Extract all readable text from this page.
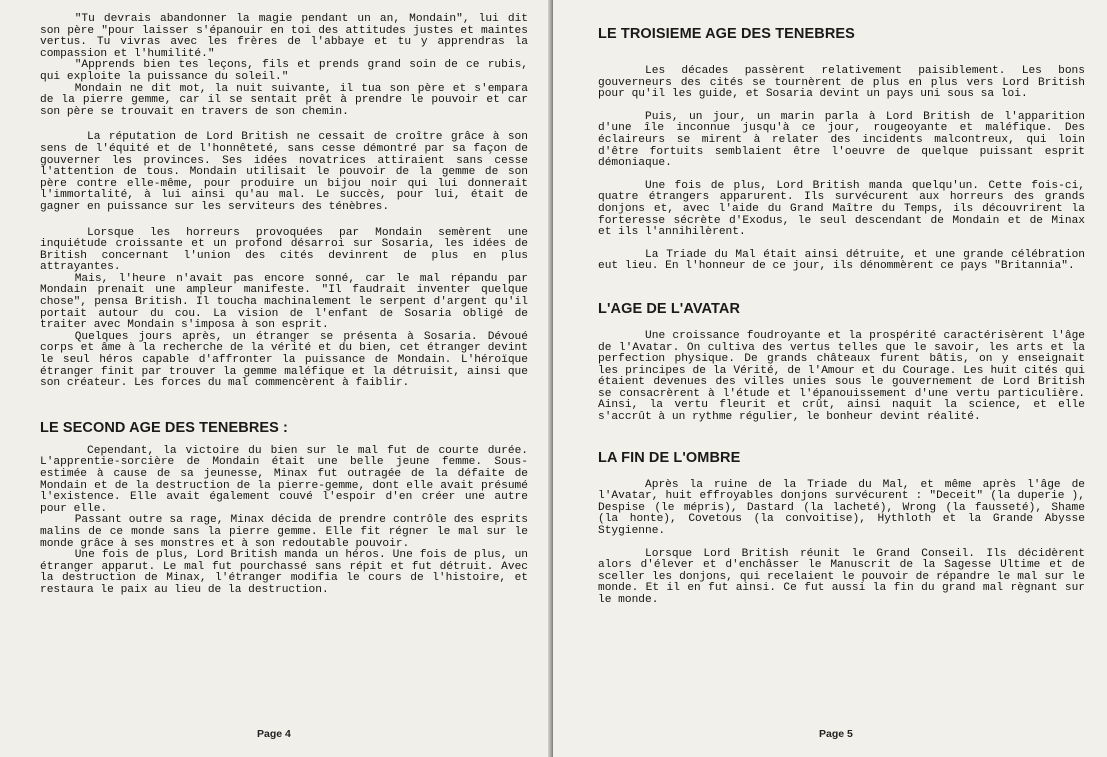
"Tu devrais abandonner la magie pendant un an, Mondain", lui dit son père "pour laisser s'épanouir en toi des attitudes justes et maintes vertus. Tu vivras avec les frères de l'abbaye et tu y apprendras la compassion et l'humilité."

"Apprends bien tes leçons, fils et prends grand soin de ce rubis, qui exploite la puissance du soleil."

Mondain ne dit mot, la nuit suivante, il tua son père et s'empara de la pierre gemme, car il se sentait prêt à prendre le pouvoir et car son père se trouvait en travers de son chemin.

La réputation de Lord British ne cessait de croître grâce à son sens de l'équité et de l'honnêteté, sans cesse démontré par sa façon de gouverner les provinces. Ses idées novatrices attiraient sans cesse l'attention de tous. Mondain utilisait le pouvoir de la gemme de son père contre elle-même, pour produire un bijou noir qui lui donnerait l'immortalité, à lui ainsi qu'au mal. Le succès, pour lui, était de gagner en puissance sur les serviteurs des ténèbres.

Lorsque les horreurs provoquées par Mondain semèrent une inquiétude croissante et un profond désarroi sur Sosaria, les idées de British concernant l'union des cités devinrent de plus en plus attrayantes.

Mais, l'heure n'avait pas encore sonné, car le mal répandu par Mondain prenait une ampleur manifeste. "Il faudrait inventer quelque chose", pensa British. Il toucha machinalement le serpent d'argent qu'il portait autour du cou. La vision de l'enfant de Sosaria obligé de traiter avec Mondain s'imposa à son esprit.

Quelques jours après, un étranger se présenta à Sosaria. Dévoué corps et âme à la recherche de la vérité et du bien, cet étranger devint le seul héros capable d'affronter la puissance de Mondain. L'héroïque étranger finit par trouver la gemme maléfique et la détruisit, ainsi que son créateur. Les forces du mal commencèrent à faiblir.

LE SECOND AGE DES TENEBRES :

Cependant, la victoire du bien sur le mal fut de courte durée. L'apprentie-sorcière de Mondain était une belle jeune femme. Sous-estimée à cause de sa jeunesse, Minax fut outragée de la défaite de Mondain et de la destruction de la pierre-gemme, dont elle avait présumé l'existence. Elle avait également couvé l'espoir d'en créer une autre pour elle.

Passant outre sa rage, Minax décida de prendre contrôle des esprits malins de ce monde sans la pierre gemme. Elle fit régner le mal sur le monde grâce à ses monstres et à son redoutable pouvoir.

Une fois de plus, Lord British manda un héros. Une fois de plus, un étranger apparut. Le mal fut pourchassé sans répit et fut détruit. Avec la destruction de Minax, l'étranger modifia le cours de l'histoire, et restaura le paix au lieu de la destruction.

Page 4
LE TROISIEME AGE DES TENEBRES

Les décades passèrent relativement paisiblement. Les bons gouverneurs des cités se tournèrent de plus en plus vers Lord British pour qu'il les guide, et Sosaria devint un pays uni sous sa loi.

Puis, un jour, un marin parla à Lord British de l'apparition d'une île inconnue jusqu'à ce jour, rougeoyante et maléfique. Des éclaireurs se mirent à relater des incidents malcontreux, qui loin d'être fortuits semblaient être l'oeuvre de quelque puissant esprit démoniaque.

Une fois de plus, Lord British manda quelqu'un. Cette fois-ci, quatre étrangers apparurent. Ils survécurent aux horreurs des grands donjons et, avec l'aide du Grand Maître du Temps, ils découvrirent la forteresse sécrète d'Exodus, le seul descendant de Mondain et de Minax et ils l'annihilèrent.

La Triade du Mal était ainsi détruite, et une grande célébration eut lieu. En l'honneur de ce jour, ils dénommèrent ce pays "Britannia".

L'AGE DE L'AVATAR

Une croissance foudroyante et la prospérité caractérisèrent l'âge de l'Avatar. On cultiva des vertus telles que le savoir, les arts et la perfection physique. De grands châteaux furent bâtis, on y enseignait les principes de la Vérité, de l'Amour et du Courage. Les huit cités qui étaient devenues des villes unies sous le gouvernement de Lord British se consacrèrent à l'étude et l'épanouissement d'une vertu particulière. Ainsi, la vertu fleurit et crût, ainsi naquit la science, et elle s'accrût à un rythme régulier, le bonheur devint réalité.

LA FIN DE L'OMBRE

Après la ruine de la Triade du Mal, et même après l'âge de l'Avatar, huit effroyables donjons survécurent : "Deceit" (la duperie ), Despise (le mépris), Dastard (la lacheté), Wrong (la fausseté), Shame (la honte), Covetous (la convoitise), Hythloth et la Grande Abysse Stygienne.

Lorsque Lord British réunit le Grand Conseil. Ils décidèrent alors d'élever et d'enchâsser le Manuscrit de la Sagesse Ultime et de sceller les donjons, qui recelaient le pouvoir de répandre le mal sur le monde. Et il en fut ainsi. Ce fut aussi la fin du grand mal règnant sur le monde.

Page 5
